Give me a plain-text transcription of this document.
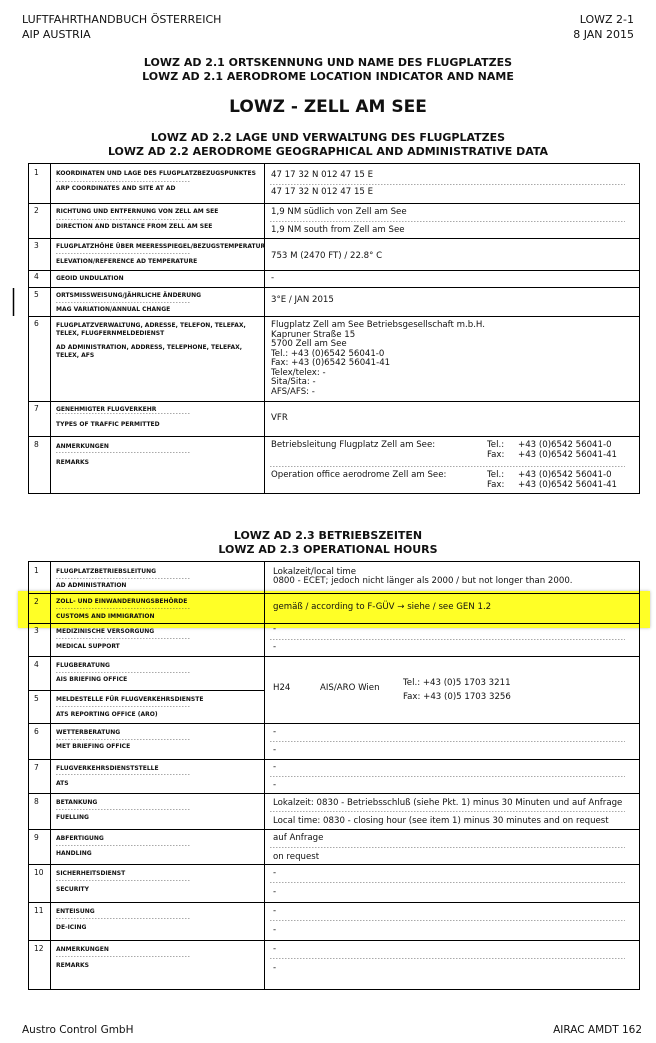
LUFTFAHRTHANDBUCH ÖSTERREICH
AIP AUSTRIA
LOWZ 2-1
8 JAN 2015
LOWZ AD 2.1 ORTSKENNUNG UND NAME DES FLUGPLATZES
LOWZ AD 2.1 AERODROME LOCATION INDICATOR AND NAME
LOWZ - ZELL AM SEE
LOWZ AD 2.2 LAGE UND VERWALTUNG DES FLUGPLATZES
LOWZ AD 2.2 AERODROME GEOGRAPHICAL AND ADMINISTRATIVE DATA
1	KOORDINATEN UND LAGE DES FLUGPLATZBEZUGSPUNKTES
ARP COORDINATES AND SITE AT AD
47 17 32 N 012 47 15 E
47 17 32 N 012 47 15 E
2	RICHTUNG UND ENTFERNUNG VON ZELL AM SEE
DIRECTION AND DISTANCE FROM ZELL AM SEE
1,9 NM südlich von Zell am See
1,9 NM south from Zell am See
3	FLUGPLATZHÖHE ÜBER MEERESSPIEGEL/BEZUGSTEMPERATUR
ELEVATION/REFERENCE AD TEMPERATURE
753 M (2470 FT) / 22.8° C
4	GEOID UNDULATION	-
5	ORTSMISSWEISUNG/JÄHRLICHE ÄNDERUNG
MAG VARIATION/ANNUAL CHANGE
3°E / JAN 2015
6	FLUGPLATZVERWALTUNG, ADRESSE, TELEFON, TELEFAX, TELEX, FLUGFERNMELDEDIENST
AD ADMINISTRATION, ADDRESS, TELEPHONE, TELEFAX, TELEX, AFS
Flugplatz Zell am See Betriebsgesellschaft m.b.H.
Kapruner Straße 15
5700 Zell am See
Tel.: +43 (0)6542 56041-0
Fax: +43 (0)6542 56041-41
Telex/telex: -
Sita/Sita: -
AFS/AFS: -
7	GENEHMIGTER FLUGVERKEHR
TYPES OF TRAFFIC PERMITTED
VFR
8	ANMERKUNGEN
REMARKS
Betriebsleitung Flugplatz Zell am See:	Tel.: +43 (0)6542 56041-0
Fax: +43 (0)6542 56041-41
Operation office aerodrome Zell am See:	Tel.: +43 (0)6542 56041-0
Fax: +43 (0)6542 56041-41
LOWZ AD 2.3 BETRIEBSZEITEN
LOWZ AD 2.3 OPERATIONAL HOURS
1	FLUGPLATZBETRIEBSLEITUNG
AD ADMINISTRATION
Lokalzeit/local time
0800 - ECET; jedoch nicht länger als 2000 / but not longer than 2000.
2	ZOLL- UND EINWANDERUNGSBEHÖRDE
CUSTOMS AND IMMIGRATION
gemäß / according to F-GÜV → siehe / see GEN 1.2
3	MEDIZINISCHE VERSORGUNG
MEDICAL SUPPORT
-
-
4	FLUGBERATUNG
AIS BRIEFING OFFICE
5	MELDESTELLE FÜR FLUGVERKEHRSDIENSTE
ATS REPORTING OFFICE (ARO)
H24	AIS/ARO Wien	Tel.: +43 (0)5 1703 3211
Fax: +43 (0)5 1703 3256
6	WETTERBERATUNG
MET BRIEFING OFFICE
-
-
7	FLUGVERKEHRSDIENSTSTELLE
ATS
-
-
8	BETANKUNG
FUELLING
Lokalzeit: 0830 - Betriebsschluß (siehe Pkt. 1) minus 30 Minuten und auf Anfrage
Local time: 0830 - closing hour (see item 1) minus 30 minutes and on request
9	ABFERTIGUNG
HANDLING
auf Anfrage
on request
10 SICHERHEITSDIENST
SECURITY
-
-
11 ENTEISUNG
DE-ICING
-
-
12 ANMERKUNGEN
REMARKS
-
-
Austro Control GmbH	AIRAC AMDT 162
